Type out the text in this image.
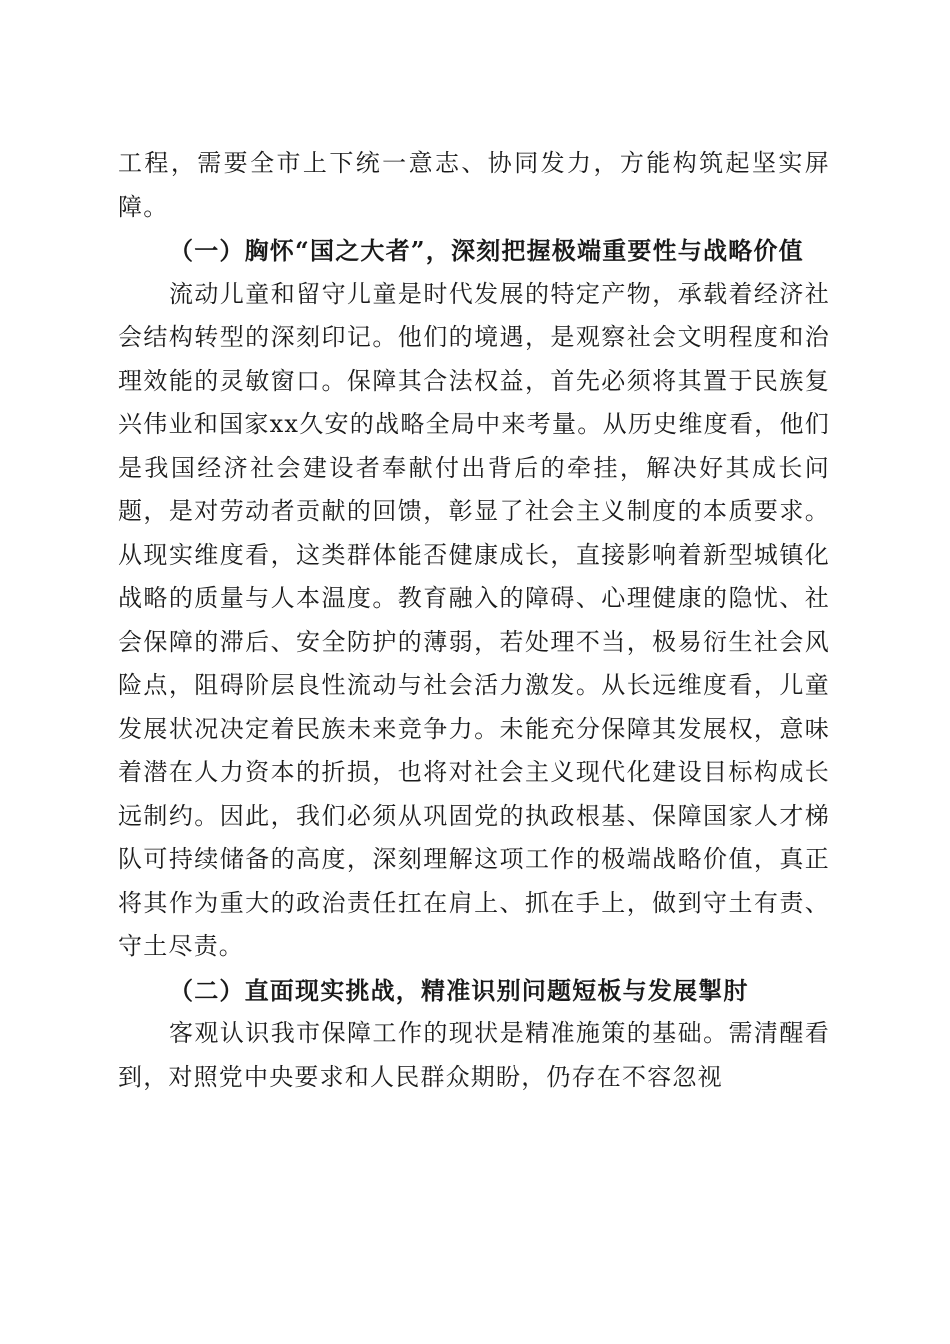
工程，需要全市上下统一意志、协同发力，方能构筑起坚实屏障。

（一）胸怀“国之大者”，深刻把握极端重要性与战略价值

流动儿童和留守儿童是时代发展的特定产物，承载着经济社会结构转型的深刻印记。他们的境遇，是观察社会文明程度和治理效能的灵敏窗口。保障其合法权益，首先必须将其置于民族复兴伟业和国家xx久安的战略全局中来考量。从历史维度看，他们是我国经济社会建设者奉献付出背后的牵挂，解决好其成长问题，是对劳动者贡献的回馈，彰显了社会主义制度的本质要求。从现实维度看，这类群体能否健康成长，直接影响着新型城镇化战略的质量与人本温度。教育融入的障碍、心理健康的隐忧、社会保障的滞后、安全防护的薄弱，若处理不当，极易衍生社会风险点，阻碍阶层良性流动与社会活力激发。从长远维度看，儿童发展状况决定着民族未来竞争力。未能充分保障其发展权，意味着潜在人力资本的折损，也将对社会主义现代化建设目标构成长远制约。因此，我们必须从巩固党的执政根基、保障国家人才梯队可持续储备的高度，深刻理解这项工作的极端战略价值，真正将其作为重大的政治责任扛在肩上、抓在手上，做到守土有责、守土尽责。

（二）直面现实挑战，精准识别问题短板与发展掣肘

客观认识我市保障工作的现状是精准施策的基础。需清醒看到，对照党中央要求和人民群众期盼，仍存在不容忽视
